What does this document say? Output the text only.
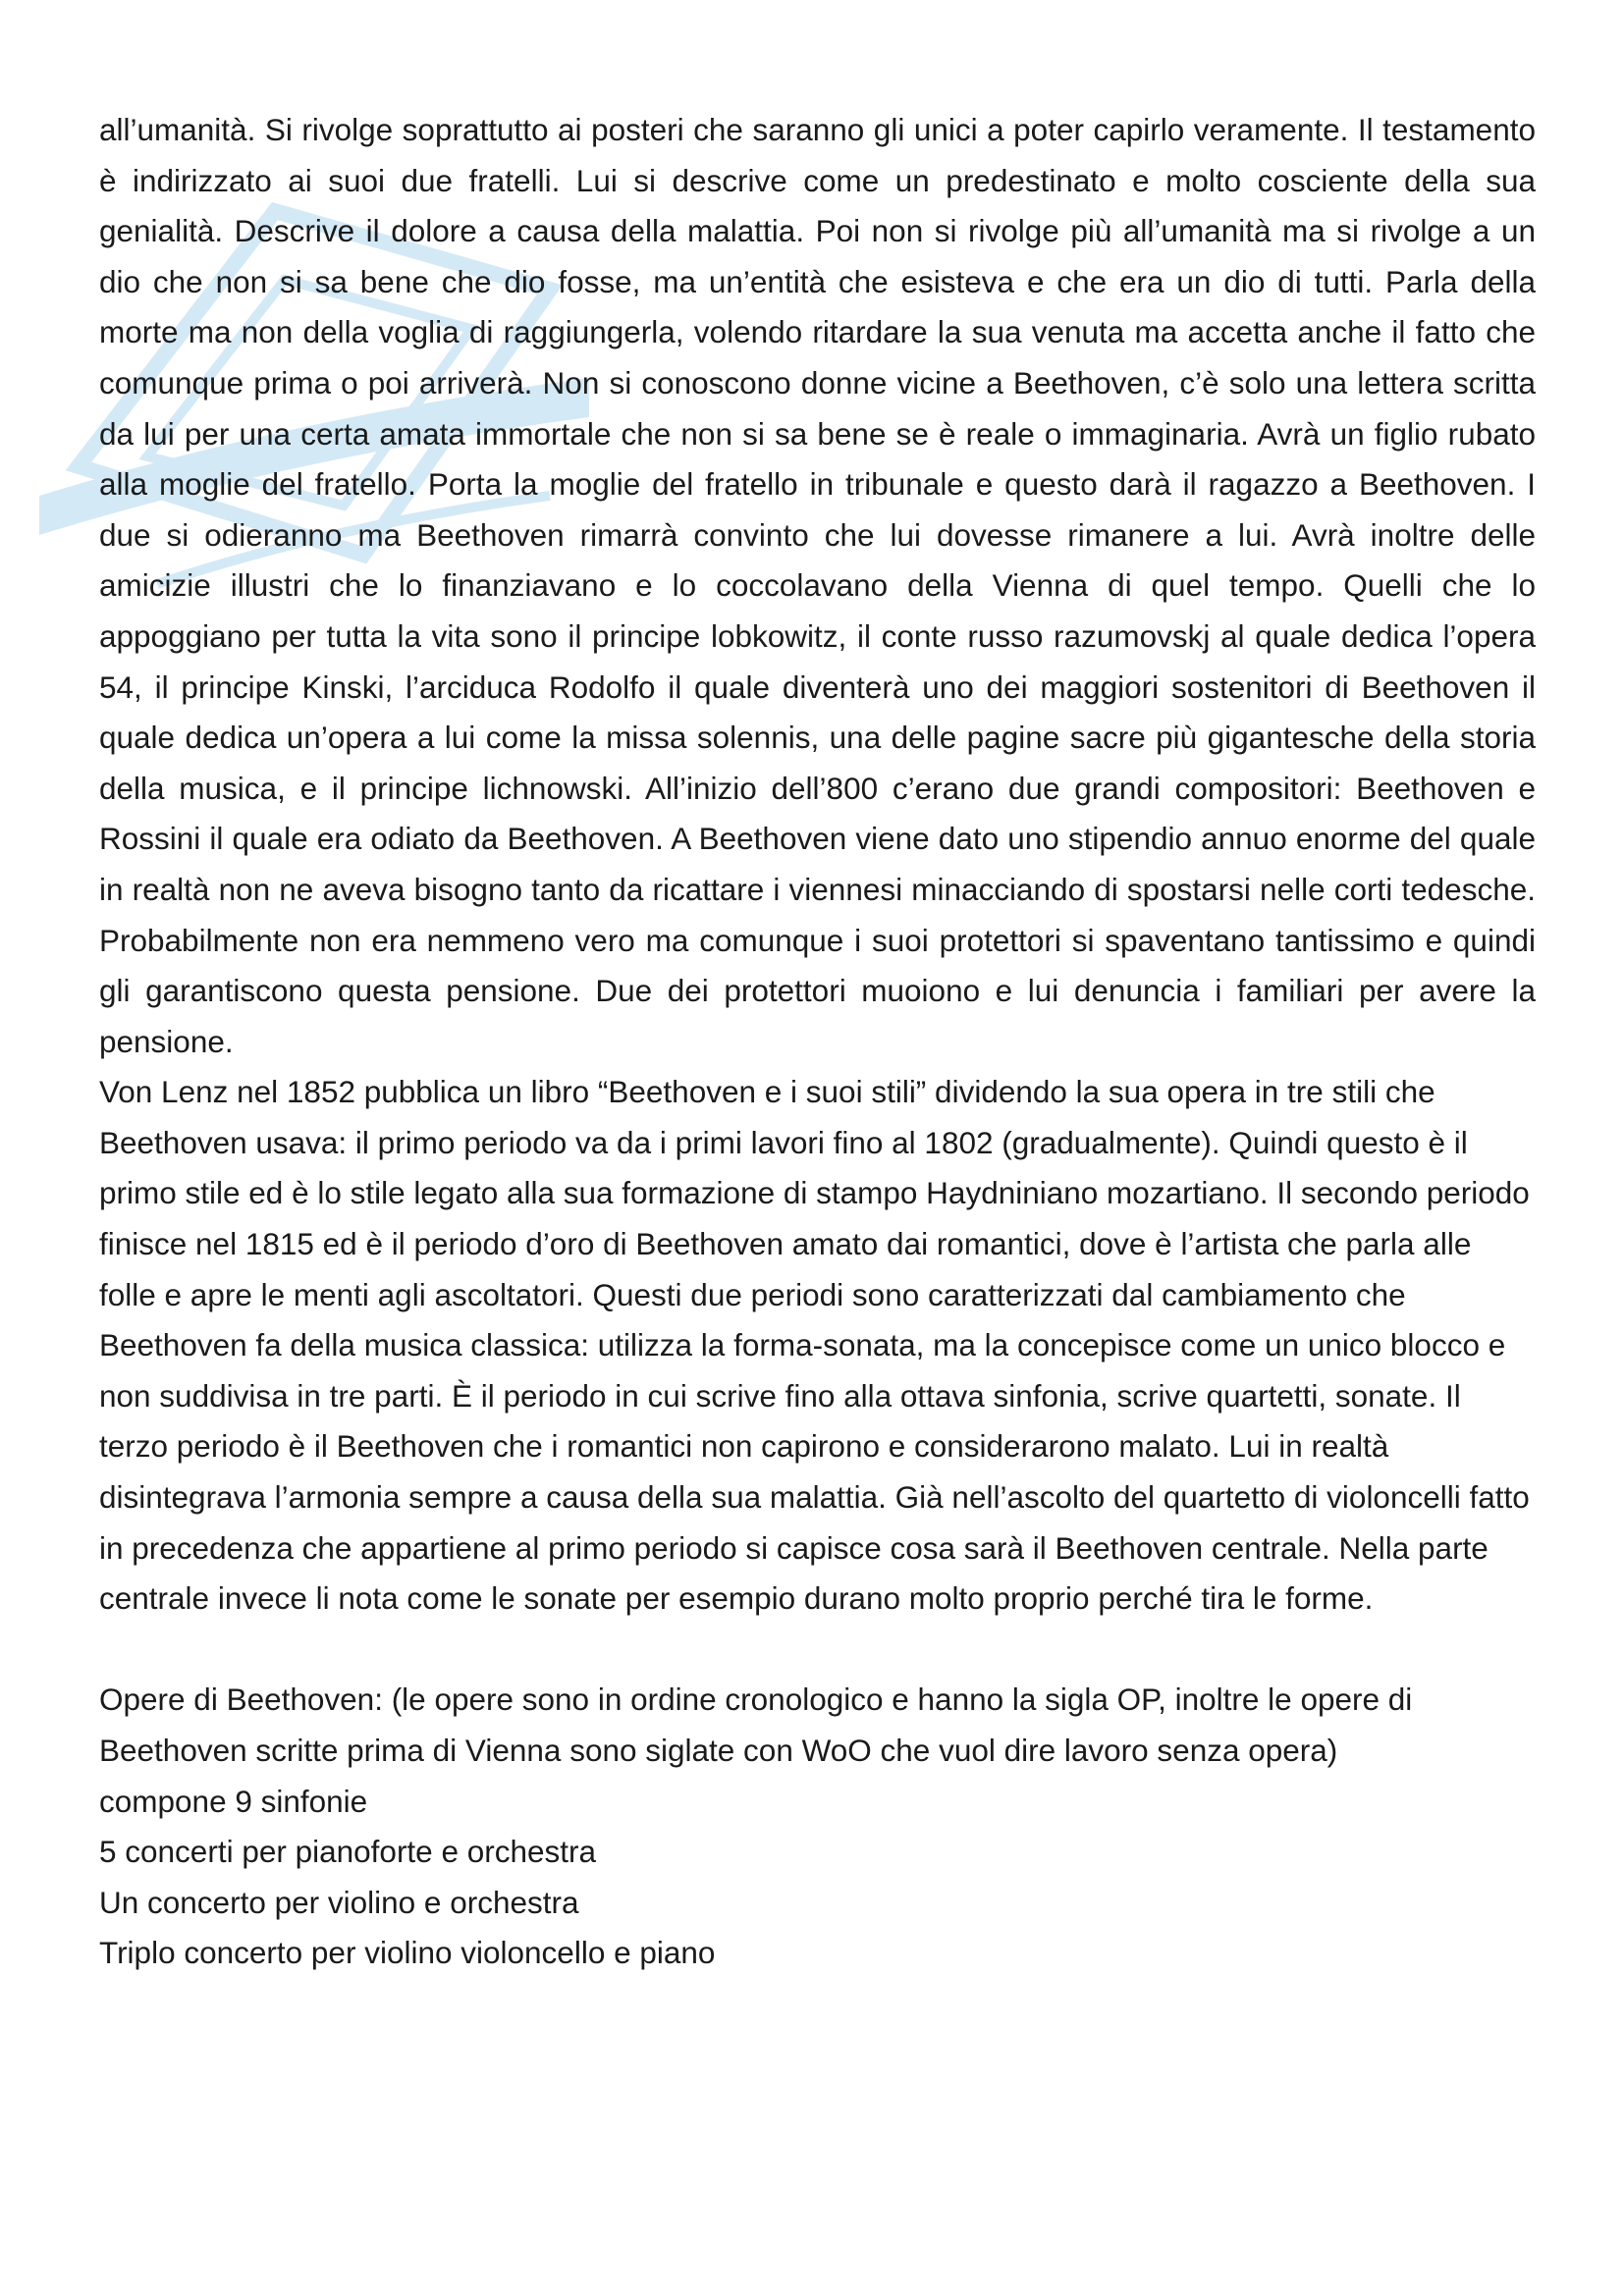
all’umanità. Si rivolge soprattutto ai posteri che saranno gli unici a poter capirlo veramente. Il testamento è indirizzato ai suoi due fratelli. Lui si descrive come un predestinato e molto cosciente della sua genialità. Descrive il dolore a causa della malattia. Poi non si rivolge più all’umanità ma si rivolge a un dio che non si sa bene che dio fosse, ma un’entità che esisteva e che era un dio di tutti. Parla della morte ma non della voglia di raggiungerla, volendo ritardare la sua venuta ma accetta anche il fatto che comunque prima o poi arriverà. Non si conoscono donne vicine a Beethoven, c’è solo una lettera scritta da lui per una certa amata immortale che non si sa bene se è reale o immaginaria. Avrà un figlio rubato alla moglie del fratello. Porta la moglie del fratello in tribunale e questo darà il ragazzo a Beethoven. I due si odieranno ma Beethoven rimarrà convinto che lui dovesse rimanere a lui. Avrà inoltre delle amicizie illustri che lo finanziavano e lo coccolavano della Vienna di quel tempo. Quelli che lo appoggiano per tutta la vita sono il principe lobkowitz, il conte russo razumovskj al quale dedica l’opera 54, il principe Kinski, l’arciduca Rodolfo il quale diventerà uno dei maggiori sostenitori di Beethoven il quale dedica un’opera a lui come la missa solennis, una delle pagine sacre più gigantesche della storia della musica, e il principe lichnowski. All’inizio dell’800 c’erano due grandi compositori: Beethoven e Rossini il quale era odiato da Beethoven. A Beethoven viene dato uno stipendio annuo enorme del quale in realtà non ne aveva bisogno tanto da ricattare i viennesi minacciando di spostarsi nelle corti tedesche. Probabilmente non era nemmeno vero ma comunque i suoi protettori si spaventano tantissimo e quindi gli garantiscono questa pensione. Due dei protettori muoiono e lui denuncia i familiari per avere la pensione.

Von Lenz nel 1852 pubblica un libro “Beethoven e i suoi stili” dividendo la sua opera in tre stili che Beethoven usava: il primo periodo va da i primi lavori fino al 1802 (gradualmente). Quindi questo è il primo stile ed è lo stile legato alla sua formazione di stampo Haydniniano mozartiano. Il secondo periodo finisce nel 1815 ed è il periodo d’oro di Beethoven amato dai romantici, dove è l’artista che parla alle folle e apre le menti agli ascoltatori. Questi due periodi sono caratterizzati dal cambiamento che Beethoven fa della musica classica: utilizza la forma-sonata, ma la concepisce come un unico blocco e non suddivisa in tre parti. È il periodo in cui scrive fino alla ottava sinfonia, scrive quartetti, sonate. Il terzo periodo è il Beethoven che i romantici non capirono e considerarono malato. Lui in realtà disintegrava l’armonia sempre a causa della sua malattia. Già nell’ascolto del quartetto di violoncelli fatto in precedenza che appartiene al primo periodo si capisce cosa sarà il Beethoven centrale. Nella parte centrale invece li nota come le sonate per esempio durano molto proprio perché tira le forme.

Opere di Beethoven: (le opere sono in ordine cronologico e hanno la sigla OP, inoltre le opere di Beethoven scritte prima di Vienna sono siglate con WoO che vuol dire lavoro senza opera)

compone 9 sinfonie
5 concerti per pianoforte e orchestra
Un concerto per violino e orchestra
Triplo concerto per violino violoncello e piano
